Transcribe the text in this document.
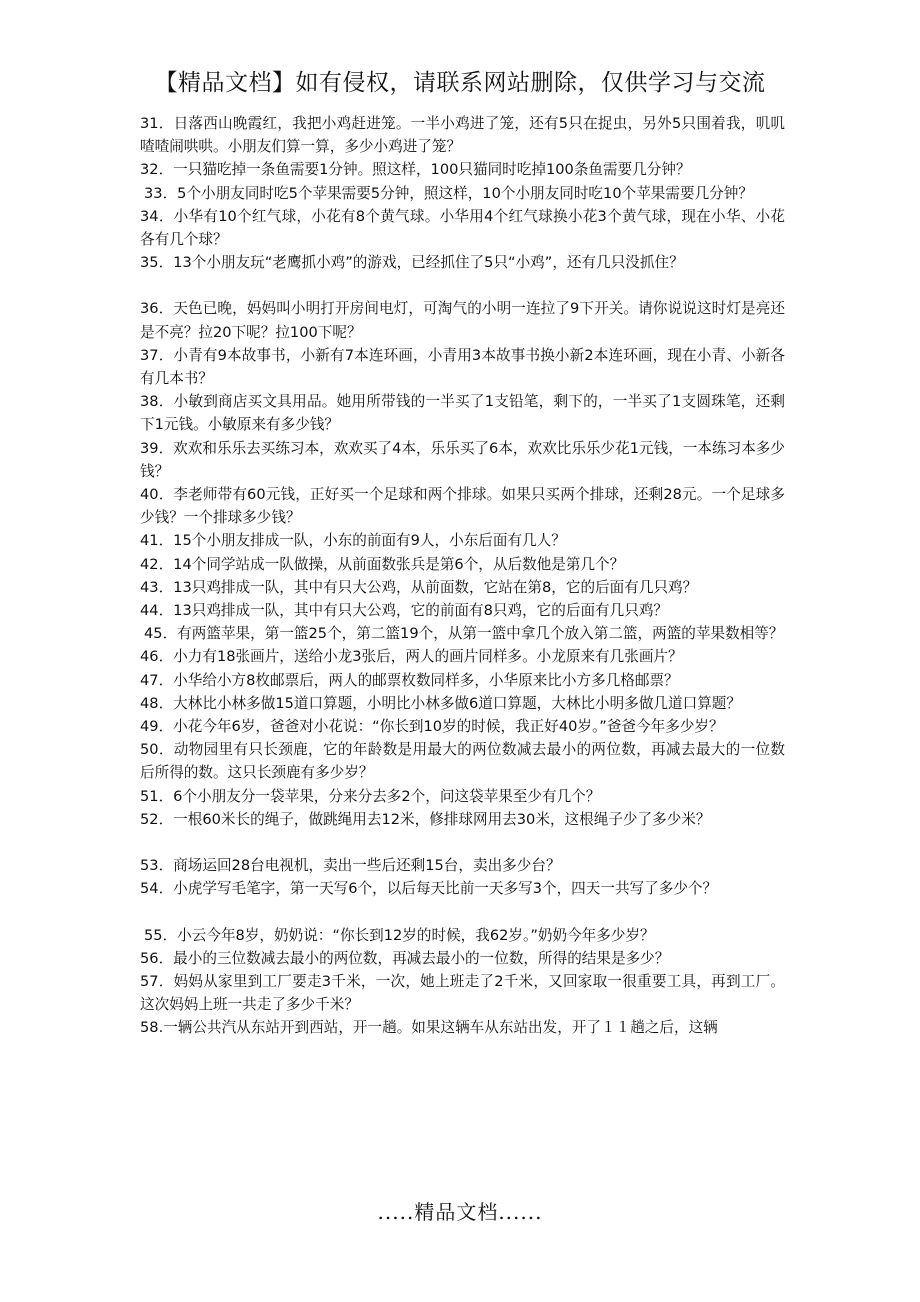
【精品文档】如有侵权，请联系网站删除，仅供学习与交流

31．日落西山晚霞红，我把小鸡赶进笼。一半小鸡进了笼，还有5只在捉虫，另外5只围着我，叽叽喳喳闹哄哄。小朋友们算一算，多少小鸡进了笼？

32．一只猫吃掉一条鱼需要1分钟。照这样，100只猫同时吃掉100条鱼需要几分钟？

33．5个小朋友同时吃5个苹果需要5分钟，照这样，10个小朋友同时吃10个苹果需要几分钟？

34．小华有10个红气球，小花有8个黄气球。小华用4个红气球换小花3个黄气球，现在小华、小花各有几个球？

35．13个小朋友玩“老鹰抓小鸡”的游戏，已经抓住了5只“小鸡”，还有几只没抓住？

36．天色已晚，妈妈叫小明打开房间电灯，可淘气的小明一连拉了9下开关。请你说说这时灯是亮还是不亮？拉20下呢？拉100下呢？

37．小青有9本故事书，小新有7本连环画，小青用3本故事书换小新2本连环画，现在小青、小新各有几本书？

38．小敏到商店买文具用品。她用所带钱的一半买了1支铅笔，剩下的，一半买了1支圆珠笔，还剩下1元钱。小敏原来有多少钱？

39．欢欢和乐乐去买练习本，欢欢买了4本，乐乐买了6本，欢欢比乐乐少花1元钱，一本练习本多少钱？

40．李老师带有60元钱，正好买一个足球和两个排球。如果只买两个排球，还剩28元。一个足球多少钱？一个排球多少钱？

41．15个小朋友排成一队，小东的前面有9人，小东后面有几人？

42．14个同学站成一队做操，从前面数张兵是第6个，从后数他是第几个？

43．13只鸡排成一队，其中有只大公鸡，从前面数，它站在第8，它的后面有几只鸡？

44．13只鸡排成一队，其中有只大公鸡，它的前面有8只鸡，它的后面有几只鸡？

45．有两篮苹果，第一篮25个，第二篮19个，从第一篮中拿几个放入第二篮，两篮的苹果数相等？

46．小力有18张画片，送给小龙3张后，两人的画片同样多。小龙原来有几张画片？

47．小华给小方8枚邮票后，两人的邮票枚数同样多，小华原来比小方多几格邮票？

48．大林比小林多做15道口算题，小明比小林多做6道口算题，大林比小明多做几道口算题？

49．小花今年6岁，爸爸对小花说：“你长到10岁的时候，我正好40岁。”爸爸今年多少岁？

50．动物园里有只长颈鹿，它的年龄数是用最大的两位数减去最小的两位数，再减去最大的一位数后所得的数。这只长颈鹿有多少岁？

51．6个小朋友分一袋苹果，分来分去多2个，问这袋苹果至少有几个？

52．一根60米长的绳子，做跳绳用去12米，修排球网用去30米，这根绳子少了多少米？

53．商场运回28台电视机，卖出一些后还剩15台，卖出多少台？

54．小虎学写毛笔字，第一天写6个，以后每天比前一天多写3个，四天一共写了多少个？

55．小云今年8岁，奶奶说：“你长到12岁的时候，我62岁。”奶奶今年多少岁？

56．最小的三位数减去最小的两位数，再减去最小的一位数，所得的结果是多少？

57．妈妈从家里到工厂要走3千米，一次，她上班走了2千米，又回家取一很重要工具，再到工厂。这次妈妈上班一共走了多少千米？

58.一辆公共汽从东站开到西站，开一趟。如果这辆车从东站出发，开了１１趟之后，这辆

.....精品文档......
